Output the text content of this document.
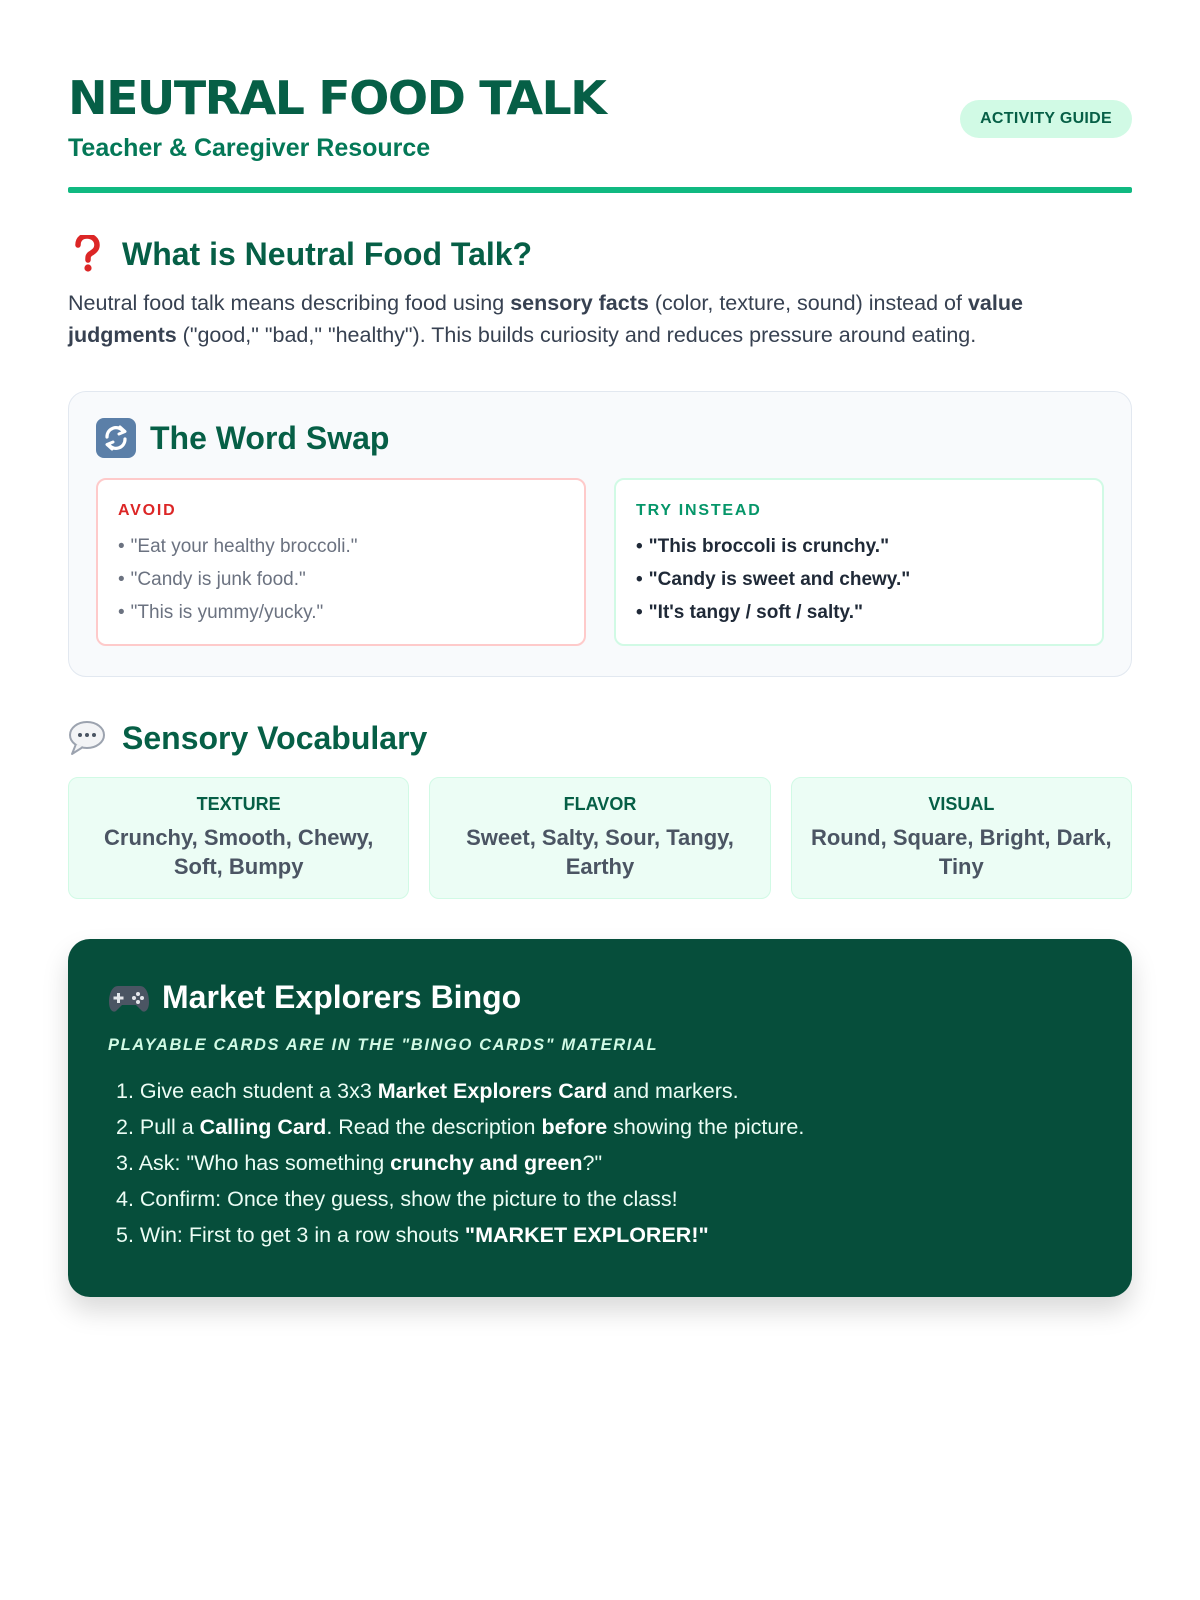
NEUTRAL FOOD TALK
Teacher & Caregiver Resource
ACTIVITY GUIDE
What is Neutral Food Talk?

Neutral food talk means describing food using sensory facts (color, texture, sound) instead of value judgments ("good," "bad," "healthy"). This builds curiosity and reduces pressure around eating.

The Word Swap
AVOID
• "Eat your healthy broccoli."
• "Candy is junk food."
• "This is yummy/yucky."
TRY INSTEAD
• "This broccoli is crunchy."
• "Candy is sweet and chewy."
• "It's tangy / soft / salty."
Sensory Vocabulary
TEXTURE
Crunchy, Smooth, Chewy, Soft, Bumpy
FLAVOR
Sweet, Salty, Sour, Tangy, Earthy
VISUAL
Round, Square, Bright, Dark, Tiny
Market Explorers Bingo
PLAYABLE CARDS ARE IN THE "BINGO CARDS" MATERIAL
1. Give each student a 3x3 Market Explorers Card and markers.
2. Pull a Calling Card. Read the description before showing the picture.
3. Ask: "Who has something crunchy and green?"
4. Confirm: Once they guess, show the picture to the class!
5. Win: First to get 3 in a row shouts "MARKET EXPLORER!"
